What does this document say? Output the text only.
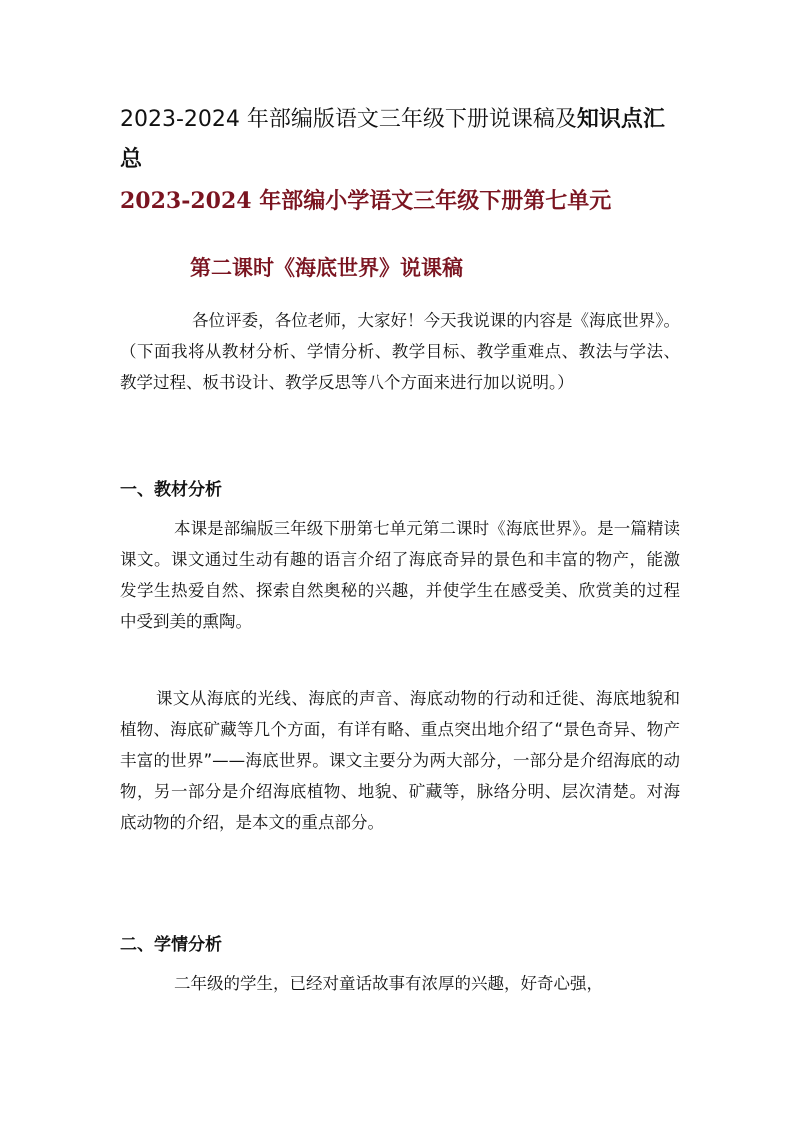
2023-2024 年部编版语文三年级下册说课稿及知识点汇总
2023-2024 年部编小学语文三年级下册第七单元
第二课时《海底世界》说课稿

各位评委，各位老师，大家好！今天我说课的内容是《海底世界》。（下面我将从教材分析、学情分析、教学目标、教学重难点、教法与学法、教学过程、板书设计、教学反思等八个方面来进行加以说明。）

一、教材分析

本课是部编版三年级下册第七单元第二课时《海底世界》。是一篇精读课文。课文通过生动有趣的语言介绍了海底奇异的景色和丰富的物产，能激发学生热爱自然、探索自然奥秘的兴趣，并使学生在感受美、欣赏美的过程中受到美的熏陶。

课文从海底的光线、海底的声音、海底动物的行动和迁徙、海底地貌和植物、海底矿藏等几个方面，有详有略、重点突出地介绍了“景色奇异、物产丰富的世界”——海底世界。课文主要分为两大部分，一部分是介绍海底的动物，另一部分是介绍海底植物、地貌、矿藏等，脉络分明、层次清楚。对海底动物的介绍，是本文的重点部分。

二、学情分析

二年级的学生，已经对童话故事有浓厚的兴趣，好奇心强，
